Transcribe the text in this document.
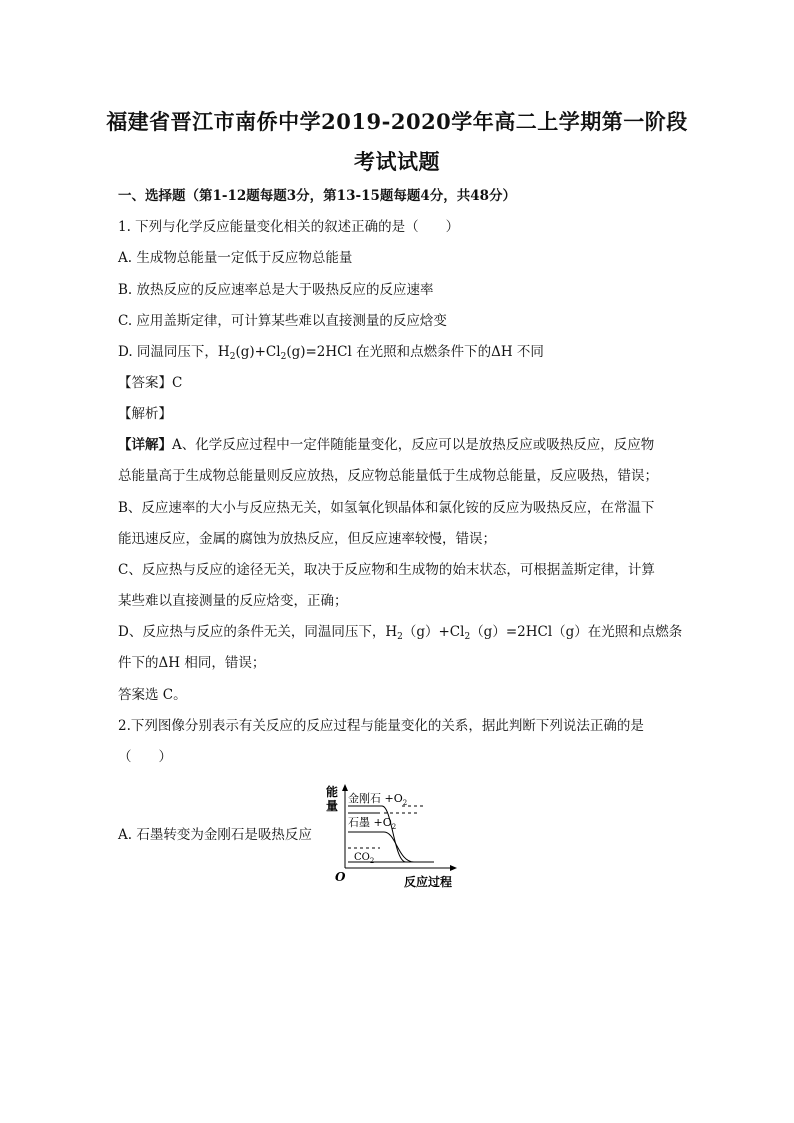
福建省晋江市南侨中学2019-2020学年高二上学期第一阶段
考试试题
一、选择题（第1-12题每题3分，第13-15题每题4分，共48分）
1. 下列与化学反应能量变化相关的叙述正确的是（　　）
A. 生成物总能量一定低于反应物总能量
B. 放热反应的反应速率总是大于吸热反应的反应速率
C. 应用盖斯定律，可计算某些难以直接测量的反应焓变
D. 同温同压下，$H_2(g)+Cl_2(g)=2HCl$ 在光照和点燃条件下的ΔH 不同
【答案】C
【解析】
【详解】A、化学反应过程中一定伴随能量变化，反应可以是放热反应或吸热反应，反应物
总能量高于生成物总能量则反应放热，反应物总能量低于生成物总能量，反应吸热，错误；
B、反应速率的大小与反应热无关，如氢氧化钡晶体和氯化铵的反应为吸热反应，在常温下
能迅速反应，金属的腐蚀为放热反应，但反应速率较慢，错误；
C、反应热与反应的途径无关，取决于反应物和生成物的始末状态，可根据盖斯定律，计算
某些难以直接测量的反应焓变，正确；
D、反应热与反应的条件无关，同温同压下，$H_2(g)+Cl_2(g)=2HCl(g)$在光照和点燃条
件下的ΔH 相同，错误；
答案选 C。
2.下列图像分别表示有关反应的反应过程与能量变化的关系，据此判断下列说法正确的是
（　　）
A. 石墨转变为金刚石是吸热反应
能
量
O	反应过程
金刚石 $+O_2$
石墨 $+O_2$
$CO_2$
